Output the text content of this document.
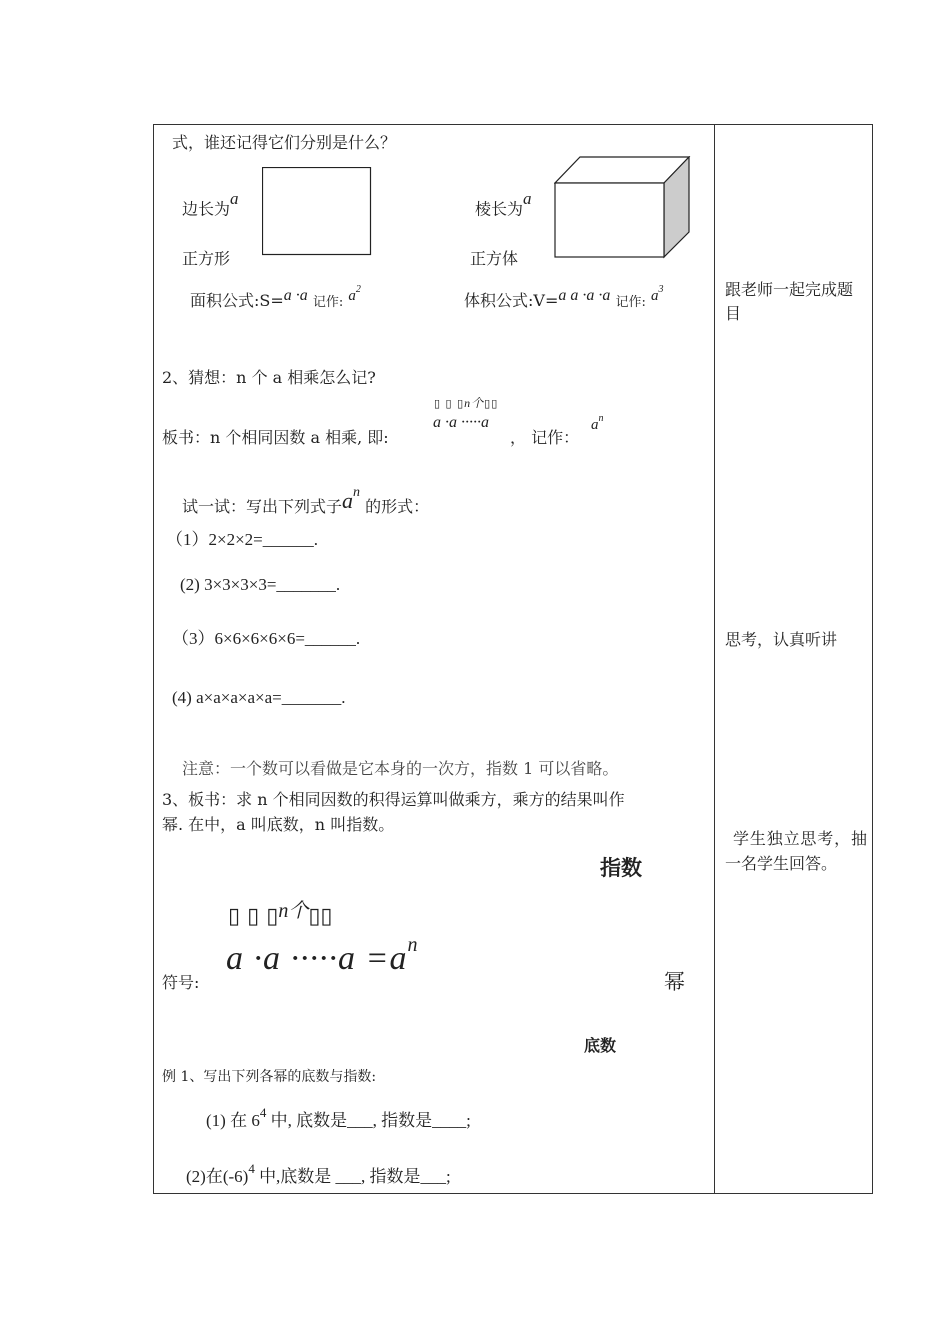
式，谁还记得它们分别是什么？
边长为$^a$
正方形
面积公式:S=a ·a 记作: $a^2$
棱长为$^a$
正方体
体积公式:V=a a ·a ·a 记作: $a^3$
2、猜想：n 个 a 相乘怎么记?
▯ ▯ ▯n个▯▯
板书：n 个相同因数 a 相乘, 即:
a ·a ·····a
， 记作：
$a^n$
试一试：写出下列式子an 的形式：
（1）2×2×2=______.
(2) 3×3×3×3=_______.
（3）6×6×6×6×6=______.
(4) a×a×a×a×a=_______.
注意：一个数可以看做是它本身的一次方，指数 1 可以省略。
3、板书：求 n 个相同因数的积得运算叫做乘方，乘方的结果叫作
幂. 在中，a 叫底数，n 叫指数。
指数
▯ ▯ ▯$^{n个}$▯▯
符号:
a ·a ·····a =an
幂
底数
例 1、写出下列各幂的底数与指数:
(1) 在 $6^4$ 中, 底数是___, 指数是____;
(2)在$(-6)^4$ 中,底数是 ___, 指数是___;
跟老师一起完成题目
思考，认真听讲
学生独立思考，抽一名学生回答。
